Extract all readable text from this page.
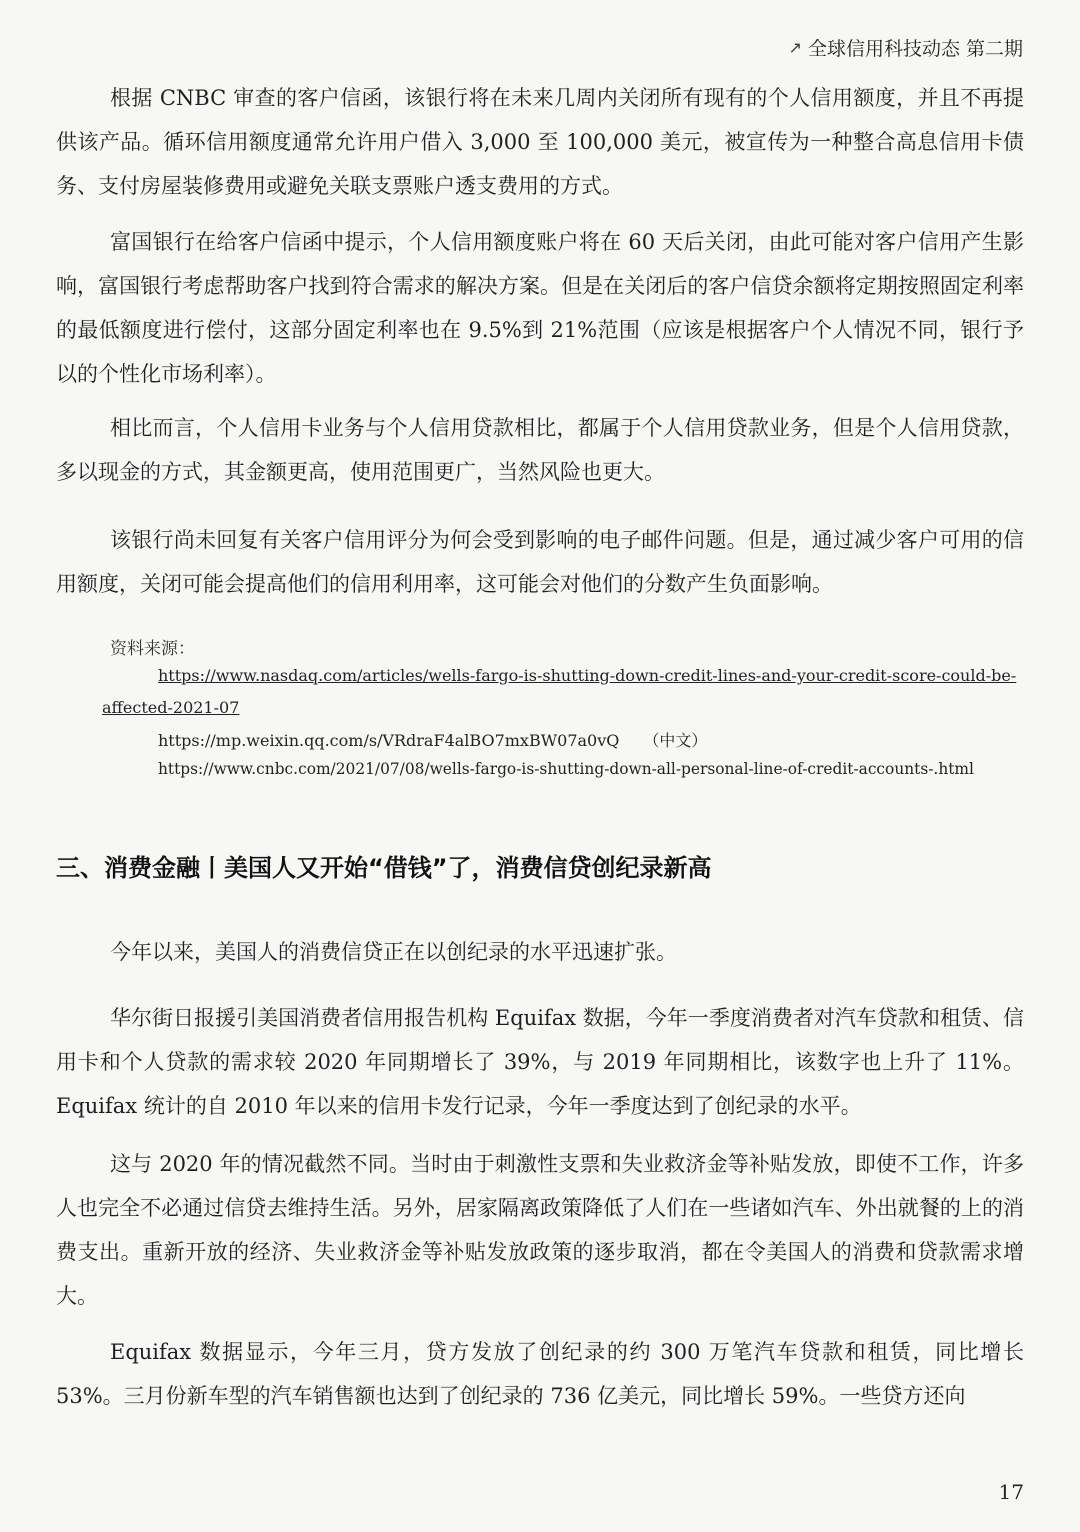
↗ 全球信用科技动态 第二期

根据 CNBC 审查的客户信函，该银行将在未来几周内关闭所有现有的个人信用额度，并且不再提供该产品。循环信用额度通常允许用户借入 3,000 至 100,000 美元，被宣传为一种整合高息信用卡债务、支付房屋装修费用或避免关联支票账户透支费用的方式。

富国银行在给客户信函中提示，个人信用额度账户将在 60 天后关闭，由此可能对客户信用产生影响，富国银行考虑帮助客户找到符合需求的解决方案。但是在关闭后的客户信贷余额将定期按照固定利率的最低额度进行偿付，这部分固定利率也在 9.5%到 21%范围（应该是根据客户个人情况不同，银行予以的个性化市场利率）。

相比而言，个人信用卡业务与个人信用贷款相比，都属于个人信用贷款业务，但是个人信用贷款，多以现金的方式，其金额更高，使用范围更广，当然风险也更大。

该银行尚未回复有关客户信用评分为何会受到影响的电子邮件问题。但是，通过减少客户可用的信用额度，关闭可能会提高他们的信用利用率，这可能会对他们的分数产生负面影响。

资料来源：
https://www.nasdaq.com/articles/wells-fargo-is-shutting-down-credit-lines-and-your-credit-score-could-be-
affected-2021-07
https://mp.weixin.qq.com/s/VRdraF4alBO7mxBW07a0vQ （中文）
https://www.cnbc.com/2021/07/08/wells-fargo-is-shutting-down-all-personal-line-of-credit-accounts-.html
三、消费金融丨美国人又开始“借钱”了，消费信贷创纪录新高

今年以来，美国人的消费信贷正在以创纪录的水平迅速扩张。

华尔街日报援引美国消费者信用报告机构 Equifax 数据，今年一季度消费者对汽车贷款和租赁、信用卡和个人贷款的需求较 2020 年同期增长了 39%，与 2019 年同期相比，该数字也上升了 11%。Equifax 统计的自 2010 年以来的信用卡发行记录，今年一季度达到了创纪录的水平。

这与 2020 年的情况截然不同。当时由于刺激性支票和失业救济金等补贴发放，即使不工作，许多人也完全不必通过信贷去维持生活。另外，居家隔离政策降低了人们在一些诸如汽车、外出就餐的上的消费支出。重新开放的经济、失业救济金等补贴发放政策的逐步取消，都在令美国人的消费和贷款需求增大。

Equifax 数据显示，今年三月，贷方发放了创纪录的约 300 万笔汽车贷款和租赁，同比增长 53%。三月份新车型的汽车销售额也达到了创纪录的 736 亿美元，同比增长 59%。一些贷方还向

17
